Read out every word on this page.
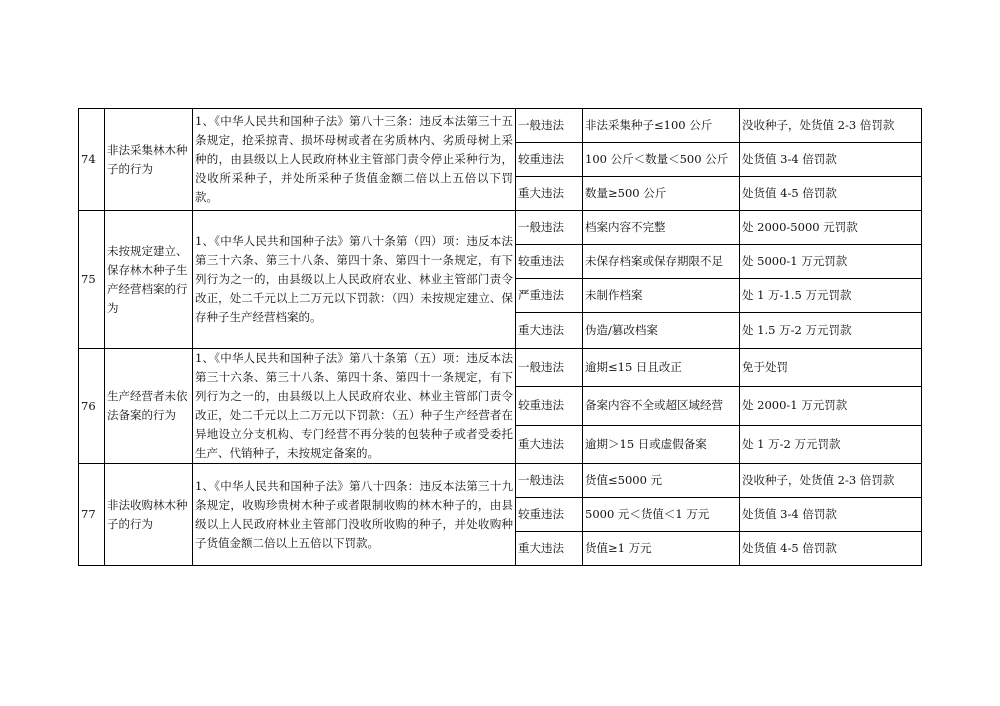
74	非法采集林木种子的行为	1、《中华人民共和国种子法》第八十三条：违反本法第三十五条规定，抢采掠青、损坏母树或者在劣质林内、劣质母树上采种的，由县级以上人民政府林业主管部门责令停止采种行为，没收所采种子，并处所采种子货值金额二倍以上五倍以下罚款。	一般违法	非法采集种子≤100 公斤	没收种子，处货值 2-3 倍罚款
			较重违法	100 公斤＜数量＜500 公斤	处货值 3-4 倍罚款
			重大违法	数量≥500 公斤	处货值 4-5 倍罚款
75	未按规定建立、保存林木种子生产经营档案的行为	1、《中华人民共和国种子法》第八十条第（四）项：违反本法第三十六条、第三十八条、第四十条、第四十一条规定，有下列行为之一的，由县级以上人民政府农业、林业主管部门责令改正，处二千元以上二万元以下罚款：（四）未按规定建立、保存种子生产经营档案的。	一般违法	档案内容不完整	处 2000-5000 元罚款
			较重违法	未保存档案或保存期限不足	处 5000-1 万元罚款
			严重违法	未制作档案	处 1 万-1.5 万元罚款
			重大违法	伪造/篡改档案	处 1.5 万-2 万元罚款
76	生产经营者未依法备案的行为	1、《中华人民共和国种子法》第八十条第（五）项：违反本法第三十六条、第三十八条、第四十条、第四十一条规定，有下列行为之一的，由县级以上人民政府农业、林业主管部门责令改正，处二千元以上二万元以下罚款：（五）种子生产经营者在异地设立分支机构、专门经营不再分装的包装种子或者受委托生产、代销种子，未按规定备案的。	一般违法	逾期≤15 日且改正	免于处罚
			较重违法	备案内容不全或超区域经营	处 2000-1 万元罚款
			重大违法	逾期＞15 日或虚假备案	处 1 万-2 万元罚款
77	非法收购林木种子的行为	1、《中华人民共和国种子法》第八十四条：违反本法第三十九条规定，收购珍贵树木种子或者限制收购的林木种子的，由县级以上人民政府林业主管部门没收所收购的种子，并处收购种子货值金额二倍以上五倍以下罚款。	一般违法	货值≤5000 元	没收种子，处货值 2-3 倍罚款
			较重违法	5000 元＜货值＜1 万元	处货值 3-4 倍罚款
			重大违法	货值≥1 万元	处货值 4-5 倍罚款
